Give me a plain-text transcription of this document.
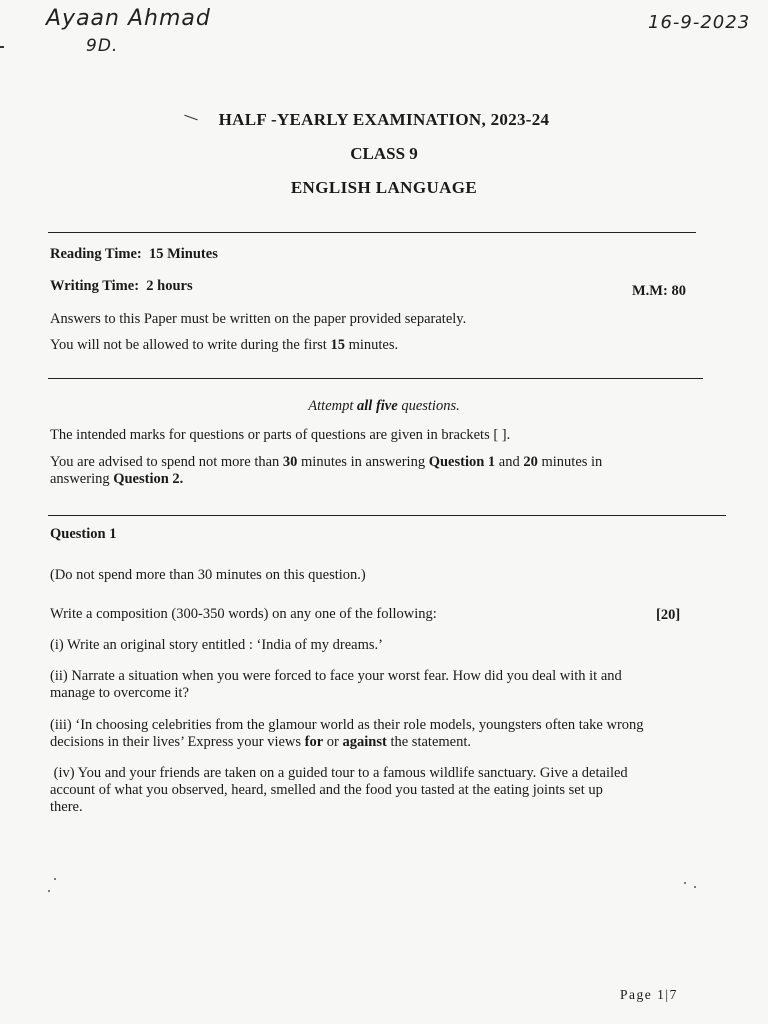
Ayaan Ahmad
9D.
16-9-2023
HALF -YEARLY EXAMINATION, 2023-24
CLASS 9
ENGLISH LANGUAGE
Reading Time: 15 Minutes
Writing Time: 2 hours	M.M: 80
Answers to this Paper must be written on the paper provided separately.
You will not be allowed to write during the first 15 minutes.
Attempt all five questions.
The intended marks for questions or parts of questions are given in brackets [ ].
You are advised to spend not more than 30 minutes in answering Question 1 and 20 minutes in
answering Question 2.
Question 1
(Do not spend more than 30 minutes on this question.)
Write a composition (300-350 words) on any one of the following:	[20]
(i) Write an original story entitled : ‘India of my dreams.’
(ii) Narrate a situation when you were forced to face your worst fear. How did you deal with it and
manage to overcome it?
(iii) ‘In choosing celebrities from the glamour world as their role models, youngsters often take wrong
decisions in their lives’ Express your views for or against the statement.
(iv) You and your friends are taken on a guided tour to a famous wildlife sanctuary. Give a detailed
account of what you observed, heard, smelled and the food you tasted at the eating joints set up
there.
Page 1|7
